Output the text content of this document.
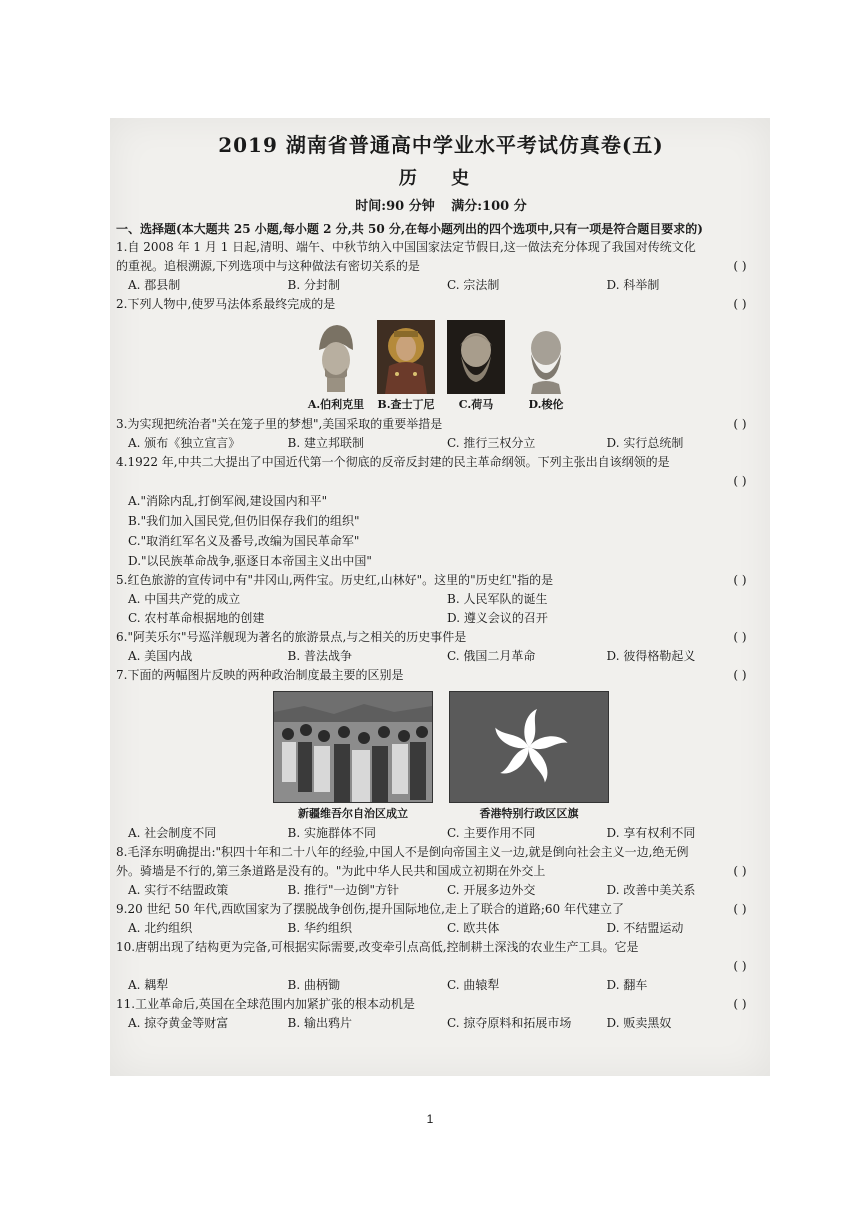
2019 湖南省普通高中学业水平考试仿真卷(五)
历 史
时间:90 分钟 满分:100 分
一、选择题(本大题共 25 小题,每小题 2 分,共 50 分,在每小题列出的四个选项中,只有一项是符合题目要求的)
1.自 2008 年 1 月 1 日起,清明、端午、中秋节纳入中国国家法定节假日,这一做法充分体现了我国对传统文化的重视。追根溯源,下列选项中与这种做法有密切关系的是	( )
A. 郡县制	B. 分封制	C. 宗法制	D. 科举制
2.下列人物中,使罗马法体系最终完成的是	( )
A.伯利克里 B.查士丁尼 C.荷马	D.梭伦
3.为实现把统治者"关在笼子里的梦想",美国采取的重要举措是	( )
A. 颁布《独立宣言》	B. 建立邦联制	C. 推行三权分立	D. 实行总统制
4.1922 年,中共二大提出了中国近代第一个彻底的反帝反封建的民主革命纲领。下列主张出自该纲领的是
( )
A."消除内乱,打倒军阀,建设国内和平"
B."我们加入国民党,但仍旧保存我们的组织"
C."取消红军名义及番号,改编为国民革命军"
D."以民族革命战争,驱逐日本帝国主义出中国"
5.红色旅游的宣传词中有"井冈山,两件宝。历史红,山林好"。这里的"历史红"指的是	( )
A. 中国共产党的成立	B. 人民军队的诞生
C. 农村革命根据地的创建	D. 遵义会议的召开
6."阿芙乐尔"号巡洋舰现为著名的旅游景点,与之相关的历史事件是	( )
A. 美国内战	B. 普法战争	C. 俄国二月革命	D. 彼得格勒起义
7.下面的两幅图片反映的两种政治制度最主要的区别是	( )
新疆维吾尔自治区成立	香港特别行政区区旗
A. 社会制度不同	B. 实施群体不同	C. 主要作用不同	D. 享有权利不同
8.毛泽东明确提出:"积四十年和二十八年的经验,中国人不是倒向帝国主义一边,就是倒向社会主义一边,绝无例外。骑墙是不行的,第三条道路是没有的。"为此中华人民共和国成立初期在外交上	( )
A. 实行不结盟政策	B. 推行"一边倒"方针	C. 开展多边外交	D. 改善中美关系
9.20 世纪 50 年代,西欧国家为了摆脱战争创伤,提升国际地位,走上了联合的道路;60 年代建立了	( )
A. 北约组织	B. 华约组织	C. 欧共体	D. 不结盟运动
10.唐朝出现了结构更为完备,可根据实际需要,改变牵引点高低,控制耕土深浅的农业生产工具。它是
( )
A. 耦犁	B. 曲柄锄	C. 曲辕犁	D. 翻车
11.工业革命后,英国在全球范围内加紧扩张的根本动机是	( )
A. 掠夺黄金等财富	B. 输出鸦片	C. 掠夺原料和拓展市场	D. 贩卖黑奴
1
